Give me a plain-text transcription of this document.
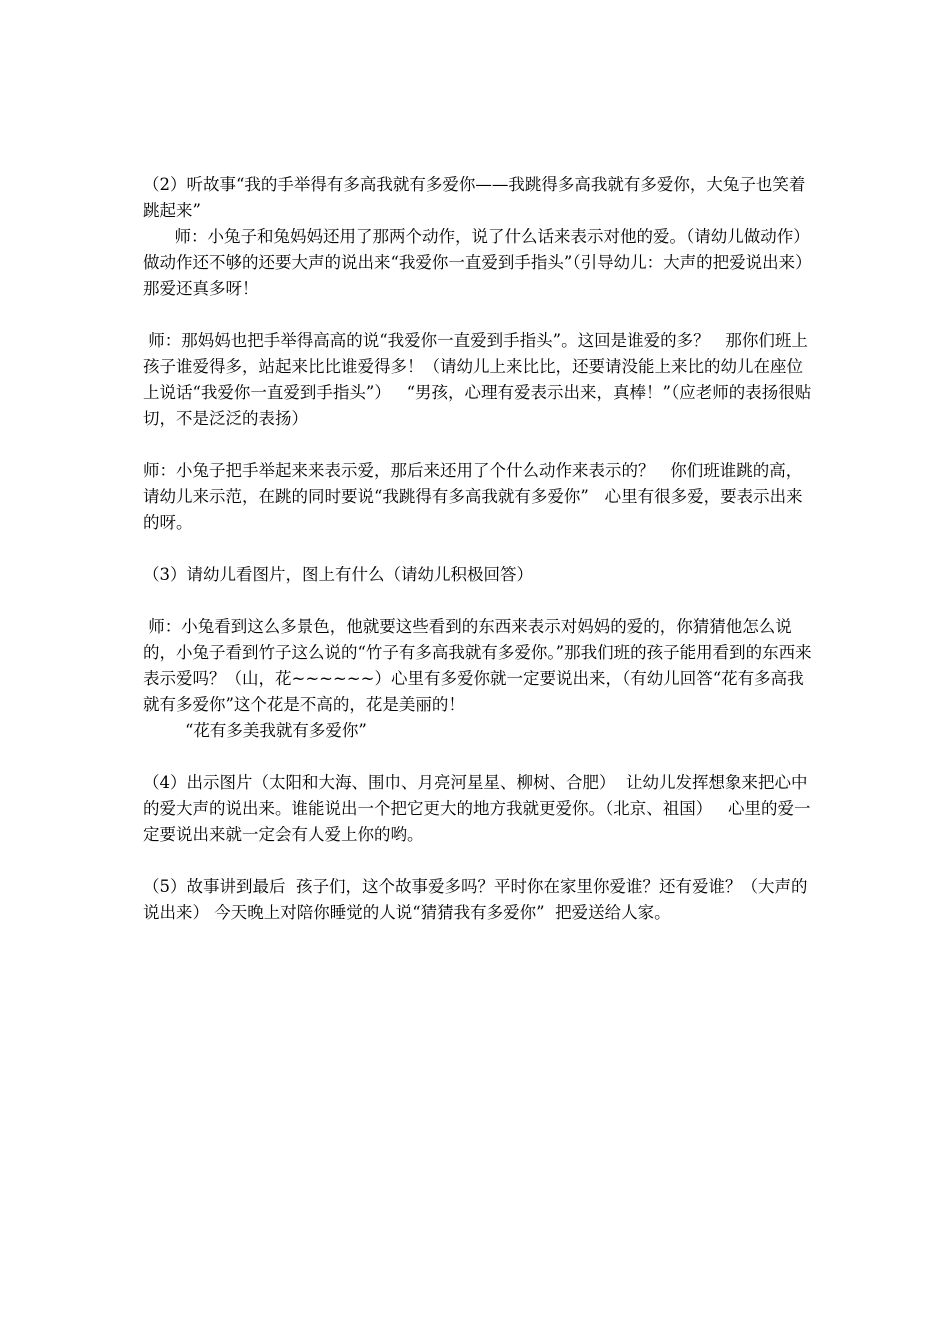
（2）听故事“我的手举得有多高我就有多爱你——我跳得多高我就有多爱你，大兔子也笑着跳起来”

师：小兔子和兔妈妈还用了那两个动作，说了什么话来表示对他的爱。（请幼儿做动作）   做动作还不够的还要大声的说出来“我爱你一直爱到手指头”（引导幼儿：大声的把爱说出来）那爱还真多呀！

师：那妈妈也把手举得高高的说“我爱你一直爱到手指头”。这回是谁爱的多？   那你们班上孩子谁爱得多，站起来比比谁爱得多！（请幼儿上来比比，还要请没能上来比的幼儿在座位上说话“我爱你一直爱到手指头”）   “男孩，心理有爱表示出来，真棒！”（应老师的表扬很贴切，不是泛泛的表扬）

师：小兔子把手举起来来表示爱，那后来还用了个什么动作来表示的？   你们班谁跳的高，请幼儿来示范，在跳的同时要说“我跳得有多高我就有多爱你”   心里有很多爱，要表示出来的呀。

（3）请幼儿看图片，图上有什么（请幼儿积极回答）

师：小兔看到这么多景色，他就要这些看到的东西来表示对妈妈的爱的，你猜猜他怎么说的，小兔子看到竹子这么说的“竹子有多高我就有多爱你。”那我们班的孩子能用看到的东西来表示爱吗？（山，花~~~~~~）心里有多爱你就一定要说出来，（有幼儿回答“花有多高我就有多爱你”这个花是不高的，花是美丽的！

“花有多美我就有多爱你”

（4）出示图片（太阳和大海、围巾、月亮河星星、柳树、合肥）  让幼儿发挥想象来把心中的爱大声的说出来。谁能说出一个把它更大的地方我就更爱你。（北京、祖国）   心里的爱一定要说出来就一定会有人爱上你的哟。

（5）故事讲到最后  孩子们，这个故事爱多吗？平时你在家里你爱谁？还有爱谁？（大声的说出来） 今天晚上对陪你睡觉的人说“猜猜我有多爱你”  把爱送给人家。
